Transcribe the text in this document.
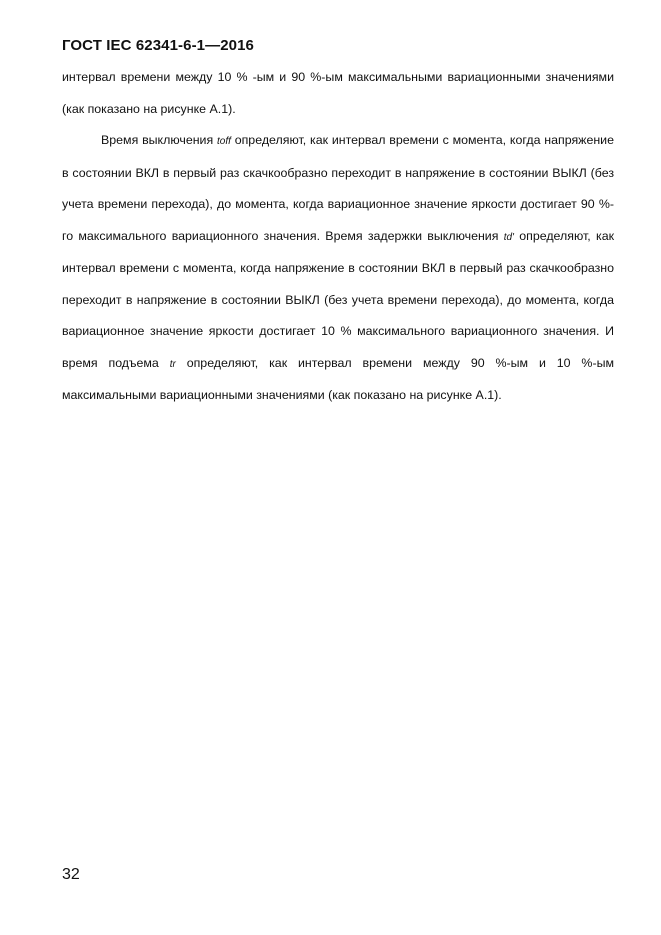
ГОСТ IEC 62341-6-1—2016

интервал времени между 10 % -ым и 90 %-ым максимальными вариационными значениями (как показано на рисунке А.1).

Время выключения toff определяют, как интервал времени с момента, когда напряжение в состоянии ВКЛ в первый раз скачкообразно переходит в напряжение в состоянии ВЫКЛ (без учета времени перехода), до момента, когда вариационное значение яркости достигает 90 %-го максимального вариационного значения. Время задержки выключения td' определяют, как интервал времени с момента, когда напряжение в состоянии ВКЛ в первый раз скачкообразно переходит в напряжение в состоянии ВЫКЛ (без учета времени перехода), до момента, когда вариационное значение яркости достигает 10 % максимального вариационного значения. И время подъема tr определяют, как интервал времени между 90 %-ым и 10 %-ым максимальными вариационными значениями (как показано на рисунке А.1).

32
